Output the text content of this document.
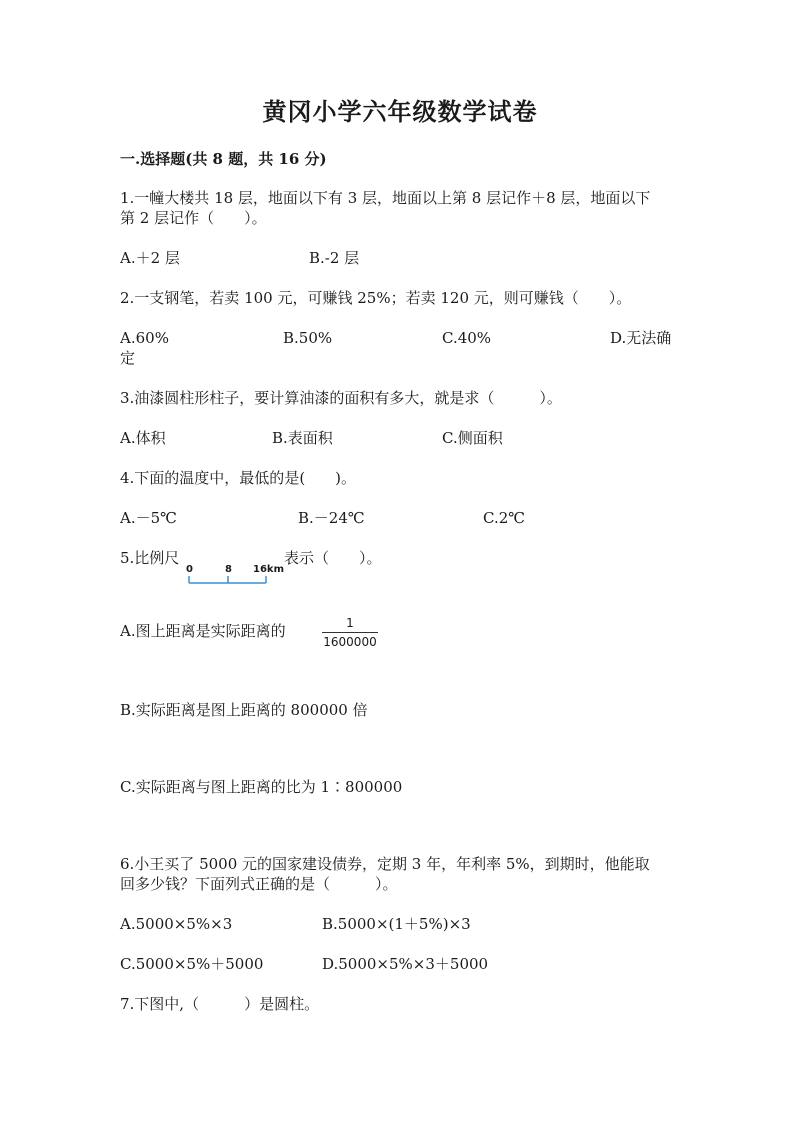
黄冈小学六年级数学试卷
一.选择题(共 8 题，共 16 分)
1.一幢大楼共 18 层，地面以下有 3 层，地面以上第 8 层记作＋8 层，地面以下
第 2 层记作（　　）。
A.＋2 层	B.-2 层
2.一支钢笔，若卖 100 元，可赚钱 25%；若卖 120 元，则可赚钱（　　）。
A.60%	B.50%	C.40%	D.无法确
定
3.油漆圆柱形柱子，要计算油漆的面积有多大，就是求（　　　）。
A.体积	B.表面积	C.侧面积
4.下面的温度中，最低的是(　　)。
A.－5℃	B.－24℃	C.2℃
5.比例尺
0	8 16km
表示（　　）。
A.图上距离是实际距离的	1
1600000
B.实际距离是图上距离的 800000 倍
C.实际距离与图上距离的比为 1∶800000
6.小王买了 5000 元的国家建设债券，定期 3 年，年利率 5%，到期时，他能取
回多少钱？下面列式正确的是（　　　）。
A.5000×5%×3	B.5000×(1＋5%)×3
C.5000×5%＋5000	D.5000×5%×3＋5000
7.下图中,（　　　）是圆柱。
